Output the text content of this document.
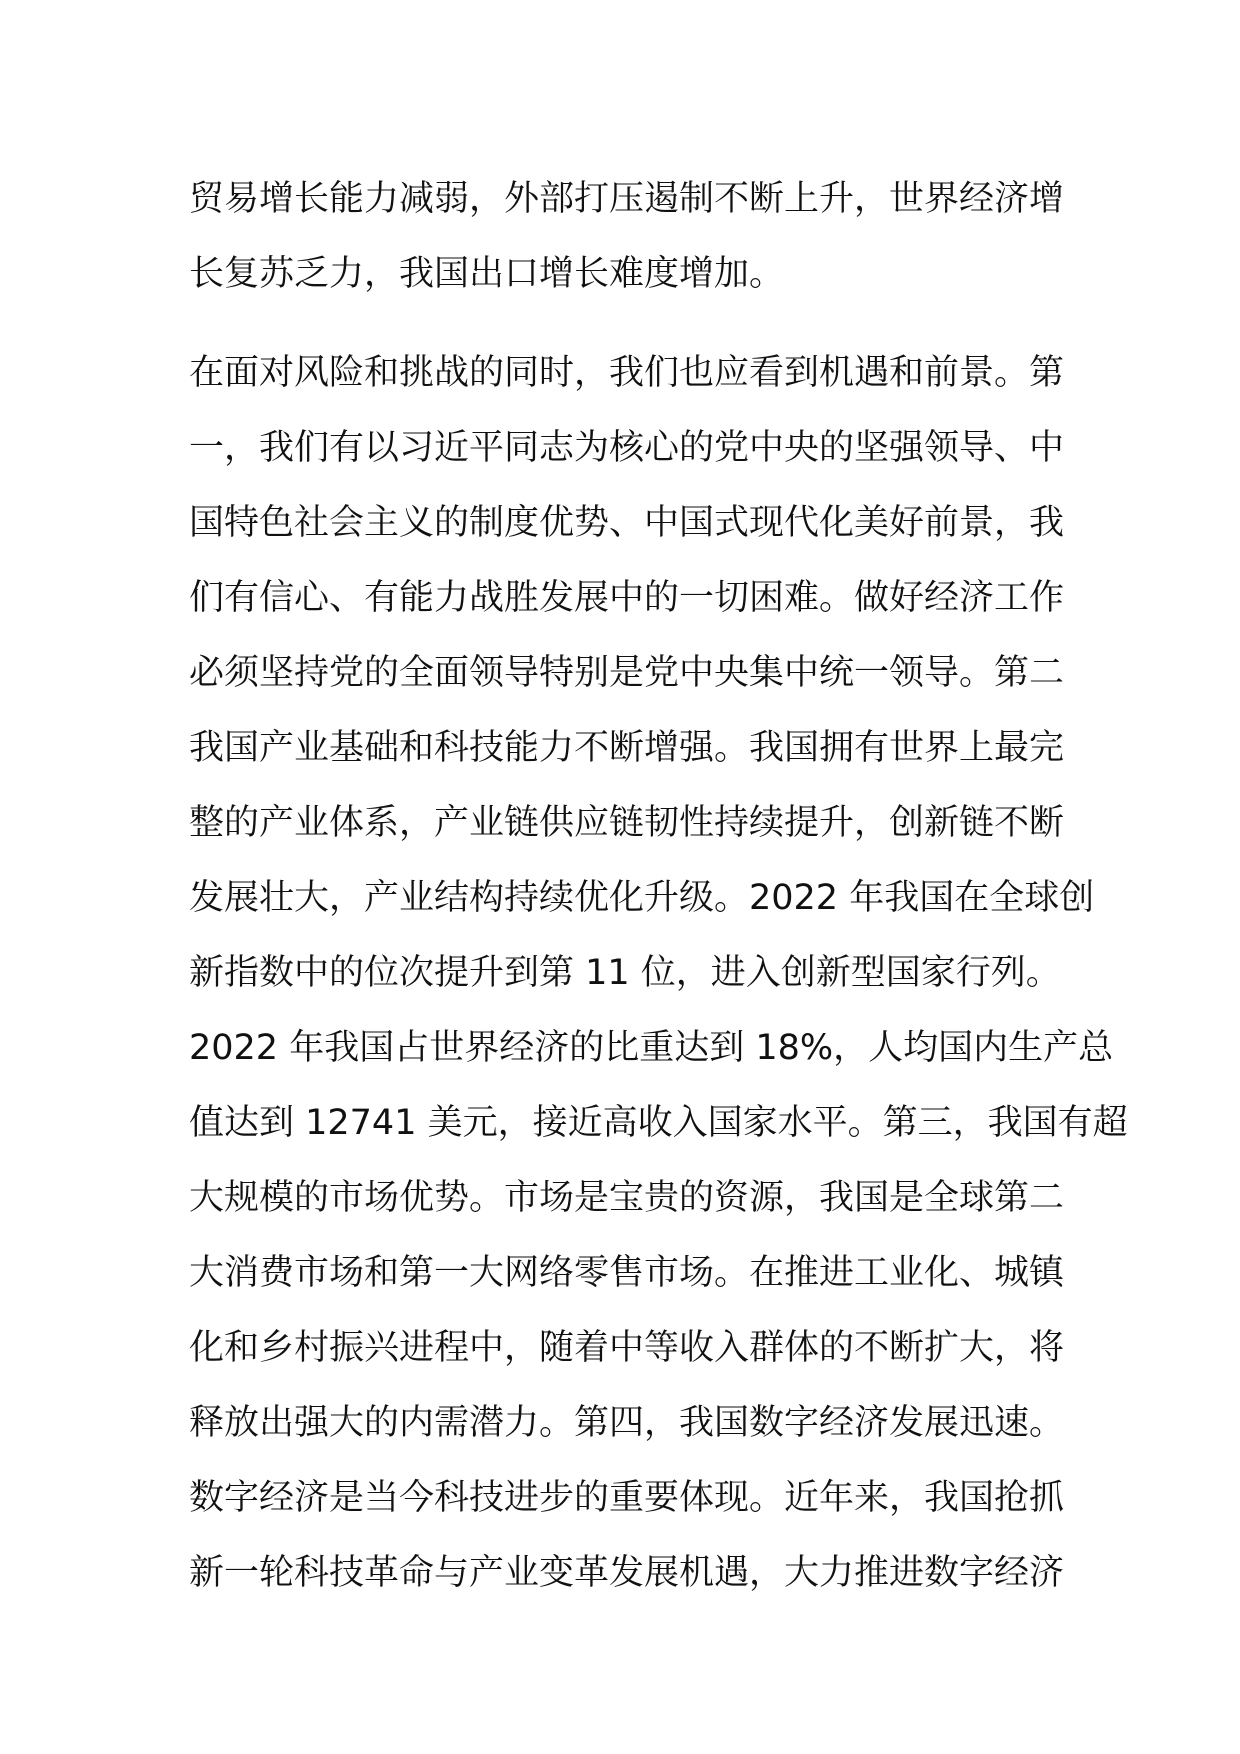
贸易增长能力减弱，外部打压遏制不断上升，世界经济增
长复苏乏力，我国出口增长难度增加。
在面对风险和挑战的同时，我们也应看到机遇和前景。第
一，我们有以习近平同志为核心的党中央的坚强领导、中
国特色社会主义的制度优势、中国式现代化美好前景，我
们有信心、有能力战胜发展中的一切困难。做好经济工作
必须坚持党的全面领导特别是党中央集中统一领导。第二
我国产业基础和科技能力不断增强。我国拥有世界上最完
整的产业体系，产业链供应链韧性持续提升，创新链不断
发展壮大，产业结构持续优化升级。2022 年我国在全球创
新指数中的位次提升到第 11 位，进入创新型国家行列。
2022 年我国占世界经济的比重达到 18%，人均国内生产总
值达到 12741 美元，接近高收入国家水平。第三，我国有超
大规模的市场优势。市场是宝贵的资源，我国是全球第二
大消费市场和第一大网络零售市场。在推进工业化、城镇
化和乡村振兴进程中，随着中等收入群体的不断扩大，将
释放出强大的内需潜力。第四，我国数字经济发展迅速。
数字经济是当今科技进步的重要体现。近年来，我国抢抓
新一轮科技革命与产业变革发展机遇，大力推进数字经济
